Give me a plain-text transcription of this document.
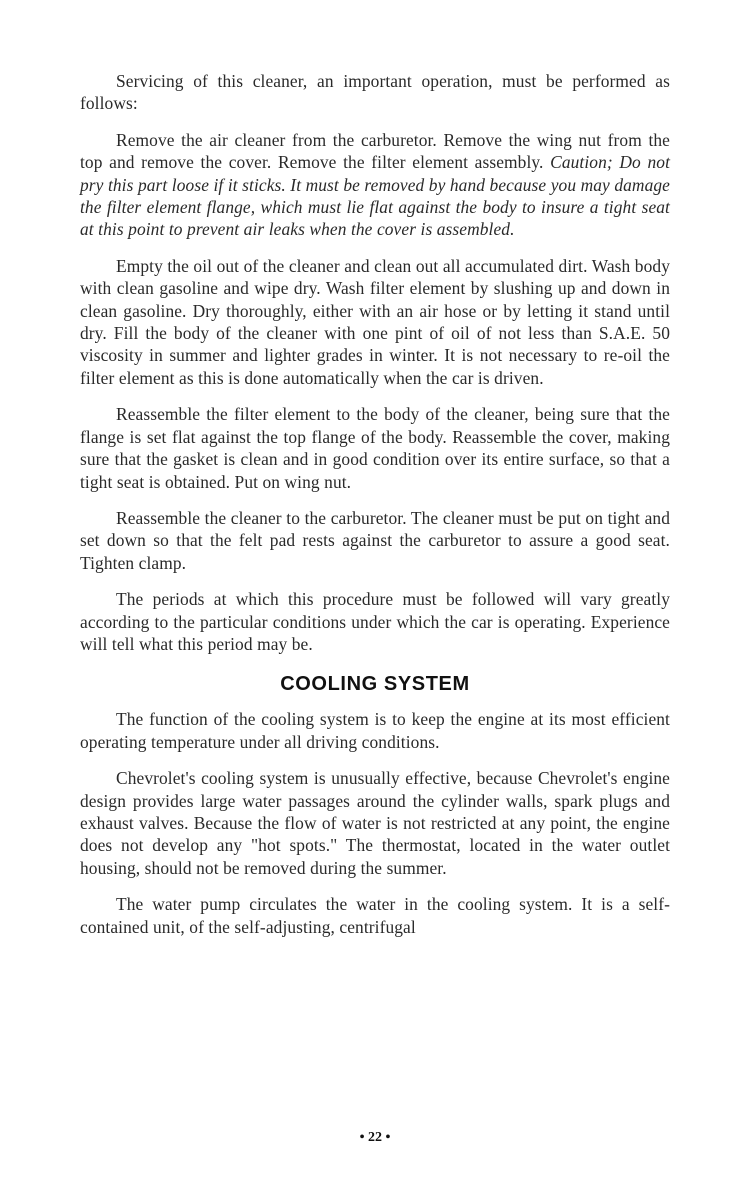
Servicing of this cleaner, an important operation, must be performed as follows:

Remove the air cleaner from the carburetor. Remove the wing nut from the top and remove the cover. Remove the filter element assembly. Caution; Do not pry this part loose if it sticks. It must be removed by hand because you may damage the filter element flange, which must lie flat against the body to insure a tight seat at this point to prevent air leaks when the cover is assembled.

Empty the oil out of the cleaner and clean out all accumulated dirt. Wash body with clean gasoline and wipe dry. Wash filter element by slushing up and down in clean gasoline. Dry thoroughly, either with an air hose or by letting it stand until dry. Fill the body of the cleaner with one pint of oil of not less than S.A.E. 50 viscosity in summer and lighter grades in winter. It is not necessary to re-oil the filter element as this is done automatically when the car is driven.

Reassemble the filter element to the body of the cleaner, being sure that the flange is set flat against the top flange of the body. Reassemble the cover, making sure that the gasket is clean and in good condition over its entire surface, so that a tight seat is obtained. Put on wing nut.

Reassemble the cleaner to the carburetor. The cleaner must be put on tight and set down so that the felt pad rests against the carburetor to assure a good seat. Tighten clamp.

The periods at which this procedure must be followed will vary greatly according to the particular conditions under which the car is operating. Experience will tell what this period may be.

COOLING SYSTEM

The function of the cooling system is to keep the engine at its most efficient operating temperature under all driving conditions.

Chevrolet's cooling system is unusually effective, because Chevrolet's engine design provides large water passages around the cylinder walls, spark plugs and exhaust valves. Because the flow of water is not restricted at any point, the engine does not develop any "hot spots." The thermostat, located in the water outlet housing, should not be removed during the summer.

The water pump circulates the water in the cooling system. It is a self-contained unit, of the self-adjusting, centrifugal

• 22 •
